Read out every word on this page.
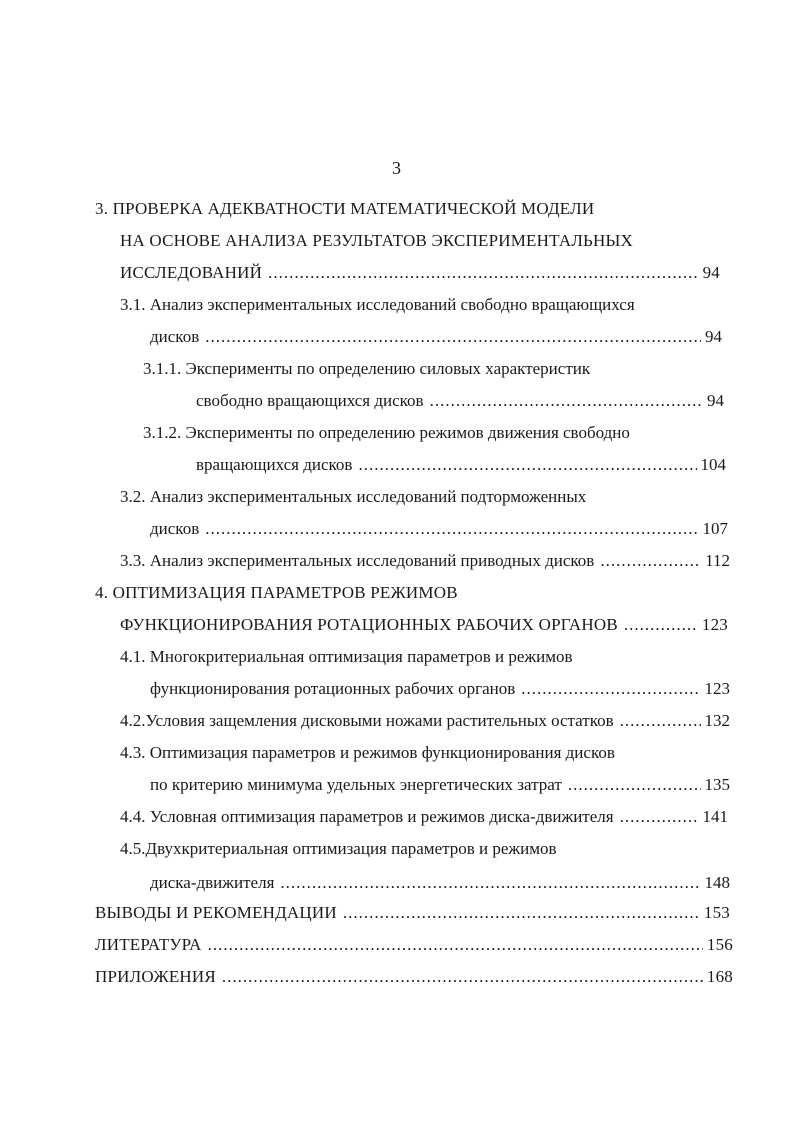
3
3. ПРОВЕРКА АДЕКВАТНОСТИ МАТЕМАТИЧЕСКОЙ МОДЕЛИ
НА ОСНОВЕ АНАЛИЗА РЕЗУЛЬТАТОВ ЭКСПЕРИМЕНТАЛЬНЫХ
ИССЛЕДОВАНИЙ .....	94
3.1. Анализ экспериментальных исследований свободно вращающихся
дисков .....	94
3.1.1. Эксперименты по определению силовых характеристик
свободно вращающихся дисков .....	94
3.1.2. Эксперименты по определению режимов движения свободно
вращающихся дисков .....	104
3.2. Анализ экспериментальных исследований подторможенных
дисков .....	107
3.3. Анализ экспериментальных исследований приводных дисков .....	112
4. ОПТИМИЗАЦИЯ ПАРАМЕТРОВ РЕЖИМОВ
ФУНКЦИОНИРОВАНИЯ РОТАЦИОННЫХ РАБОЧИХ ОРГАНОВ .....	123
4.1. Многокритериальная оптимизация параметров и режимов
функционирования ротационных рабочих органов .....	123
4.2.Условия защемления дисковыми ножами растительных остатков .....	132
4.3. Оптимизация параметров и режимов функционирования дисков
по критерию минимума удельных энергетических затрат .....	135
4.4. Условная оптимизация параметров и режимов диска-движителя .....	141
4.5.Двухкритериальная оптимизация параметров и режимов
диска-движителя .....	148
ВЫВОДЫ И РЕКОМЕНДАЦИИ .....	153
ЛИТЕРАТУРА .....	156
ПРИЛОЖЕНИЯ .....	168
